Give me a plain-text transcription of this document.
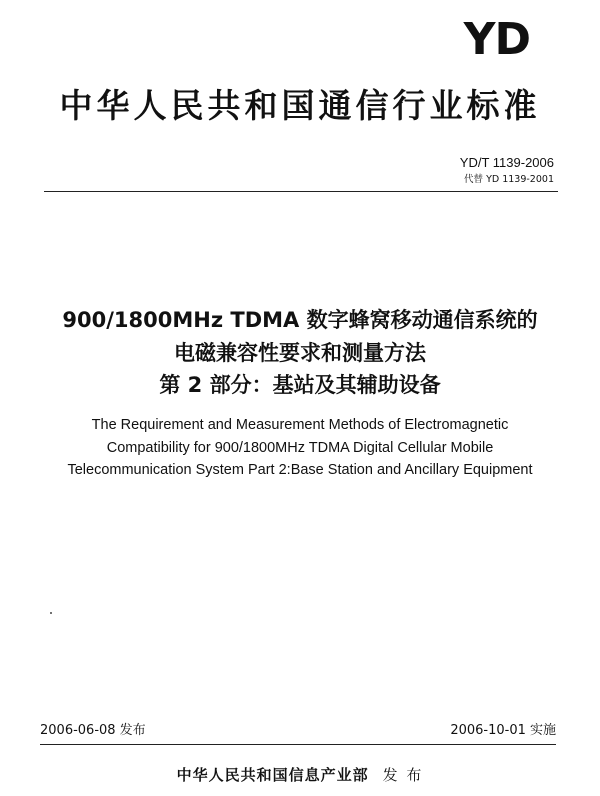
YD
中华人民共和国通信行业标准
YD/T 1139-2006
代替 YD 1139-2001
900/1800MHz TDMA 数字蜂窝移动通信系统的
电磁兼容性要求和测量方法
第 2 部分：基站及其辅助设备
The Requirement and Measurement Methods of Electromagnetic
Compatibility for 900/1800MHz TDMA Digital Cellular Mobile
Telecommunication System Part 2:Base Station and Ancillary Equipment
2006-06-08 发布	2006-10-01 实施
中华人民共和国信息产业部 发 布
